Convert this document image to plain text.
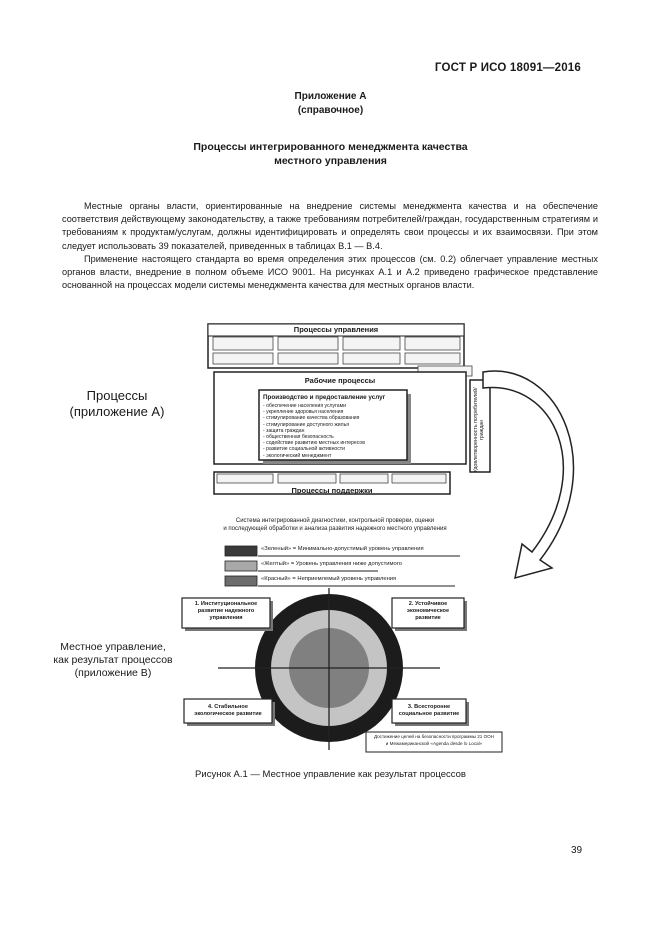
ГОСТ Р ИСО 18091—2016
Приложение А
(справочное)
Процессы интегрированного менеджмента качества
местного управления
Местные органы власти, ориентированные на внедрение системы менеджмента качества и на обеспечение соответствия действующему законодательству, а также требованиям потребителей/граждан, государственным стратегиям и требованиям к продуктам/услугам, должны идентифицировать и определять свои процессы и их взаимосвязи. При этом следует использовать 39 показателей, приведенных в таблицах В.1 — В.4.
Применение настоящего стандарта во время определения этих процессов (см. 0.2) облегчает управление местных органов власти, внедрение в полном объеме ИСО 9001. На рисунках А.1 и А.2 приведено графическое представление основанной на процессах модели системы менеджмента качества для местных органов власти.
Процессы управления
Рабочие процессы
Процессы поддержки
Производство и предоставление услуг
- обеспечение населения услугами
- укрепление здоровья населения
- стимулирование качества образования
- стимулирование доступного жилья
- защита граждан
- общественная безопасность
- содействие развитию местных интересов
- развитие социальной активности
- экологический менеджмент	Удовлетворенность потребителей/граждан
Процессы
(приложение А)
Местное управление,
как результат процессов
(приложение В)
Система интегрированной диагностики, контрольной проверки, оценки
и последующей обработки и анализа развития надежного местного управления
«Зеленый» = Минимально-допустимый уровень управления
«Желтый» = Уровень управления ниже допустимого
«Красный» = Неприемлемый уровень управления
1. Институциональное
развитие надежного
управления
2. Устойчивое
экономическое
развитие
3. Всесторонне
социальное развитие
4. Стабильное
экологическое развитие
Достижение целей на безопасности программы 21 ООН
и Межамериканской «Agenda desde lo Local»
Рисунок А.1 — Местное управление как результат процессов
39
